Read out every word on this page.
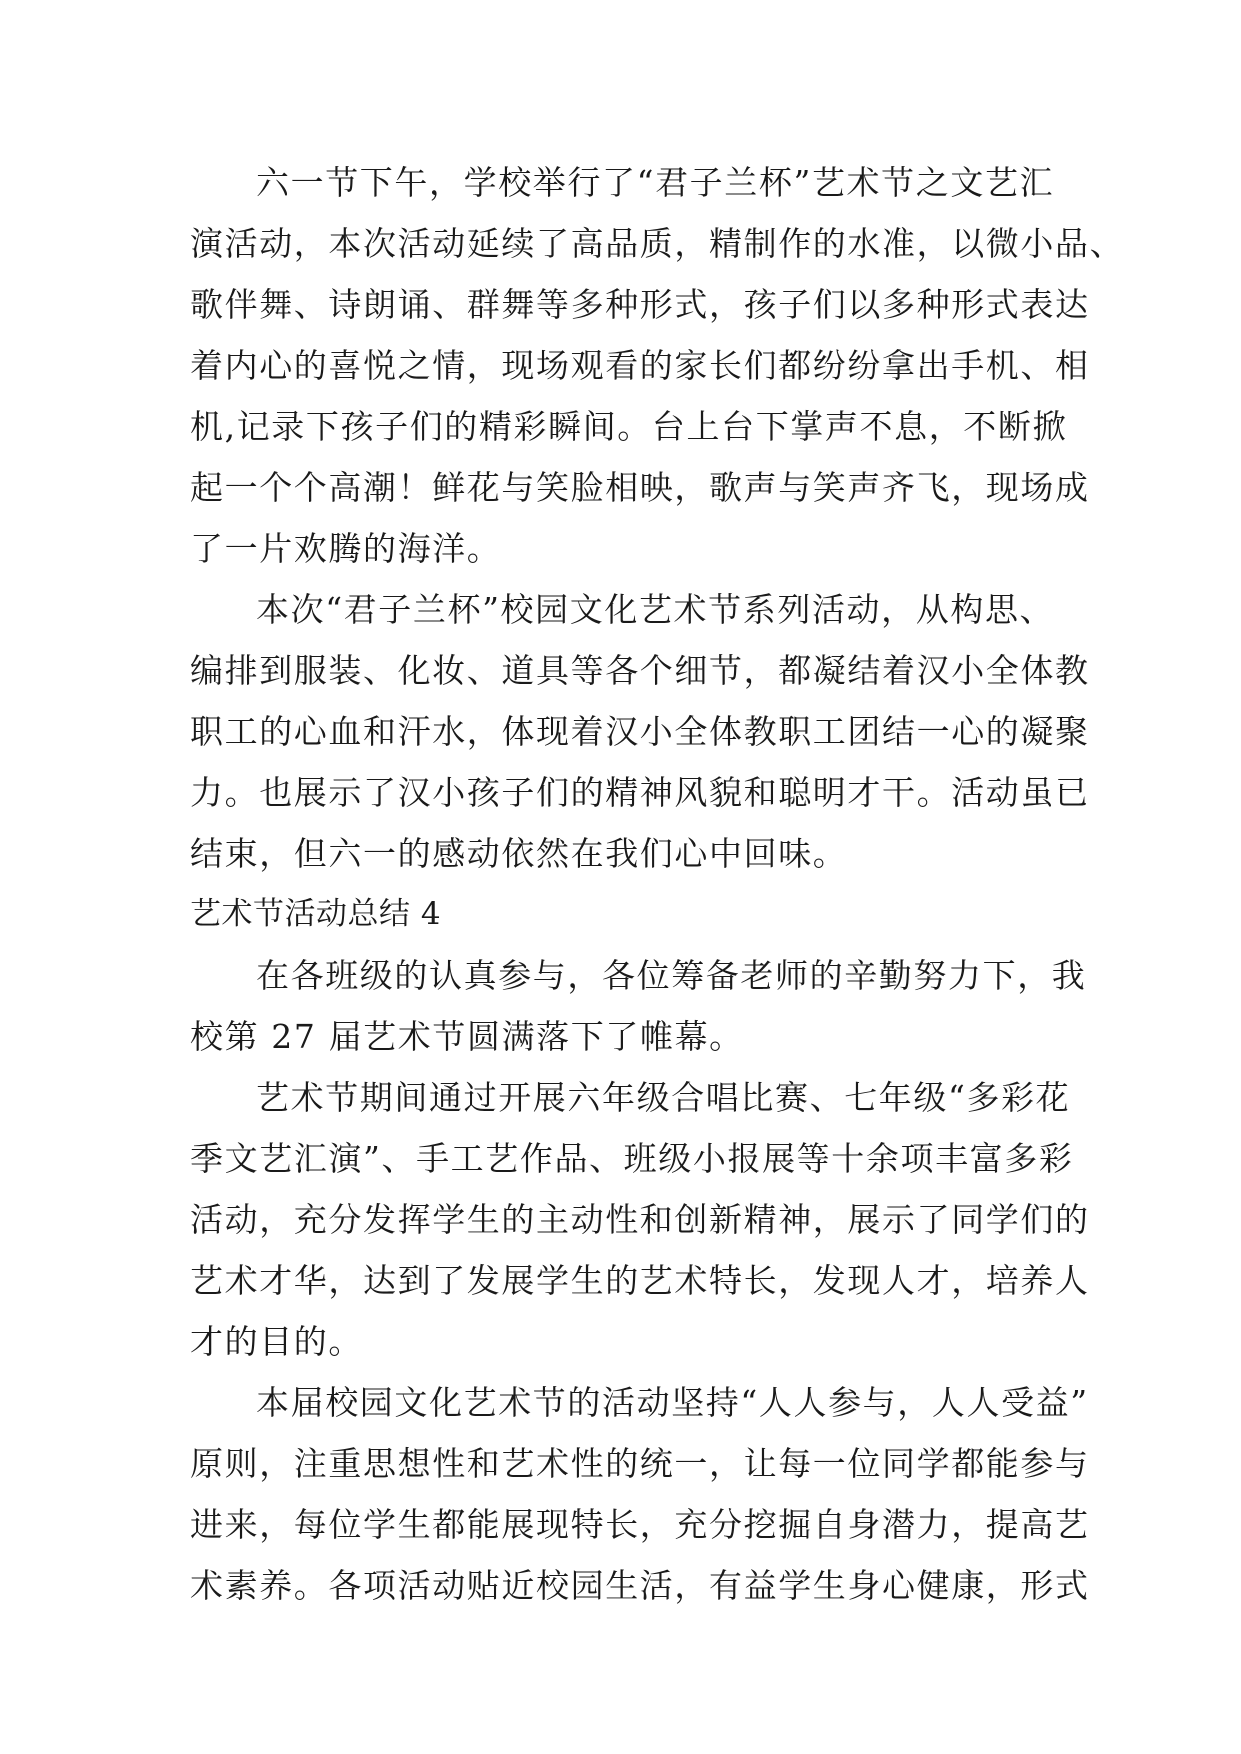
六一节下午，学校举行了“君子兰杯”艺术节之文艺汇
演活动，本次活动延续了高品质，精制作的水准，以微小品、
歌伴舞、诗朗诵、群舞等多种形式，孩子们以多种形式表达
着内心的喜悦之情，现场观看的家长们都纷纷拿出手机、相
机,记录下孩子们的精彩瞬间。台上台下掌声不息，不断掀
起一个个高潮！鲜花与笑脸相映，歌声与笑声齐飞，现场成
了一片欢腾的海洋。
本次“君子兰杯”校园文化艺术节系列活动，从构思、
编排到服装、化妆、道具等各个细节，都凝结着汉小全体教
职工的心血和汗水，体现着汉小全体教职工团结一心的凝聚
力。也展示了汉小孩子们的精神风貌和聪明才干。活动虽已
结束，但六一的感动依然在我们心中回味。
艺术节活动总结 4
在各班级的认真参与，各位筹备老师的辛勤努力下，我
校第 27 届艺术节圆满落下了帷幕。
艺术节期间通过开展六年级合唱比赛、七年级“多彩花
季文艺汇演”、手工艺作品、班级小报展等十余项丰富多彩
活动，充分发挥学生的主动性和创新精神，展示了同学们的
艺术才华，达到了发展学生的艺术特长，发现人才，培养人
才的目的。
本届校园文化艺术节的活动坚持“人人参与，人人受益”
原则，注重思想性和艺术性的统一，让每一位同学都能参与
进来，每位学生都能展现特长，充分挖掘自身潜力，提高艺
术素养。各项活动贴近校园生活，有益学生身心健康，形式
